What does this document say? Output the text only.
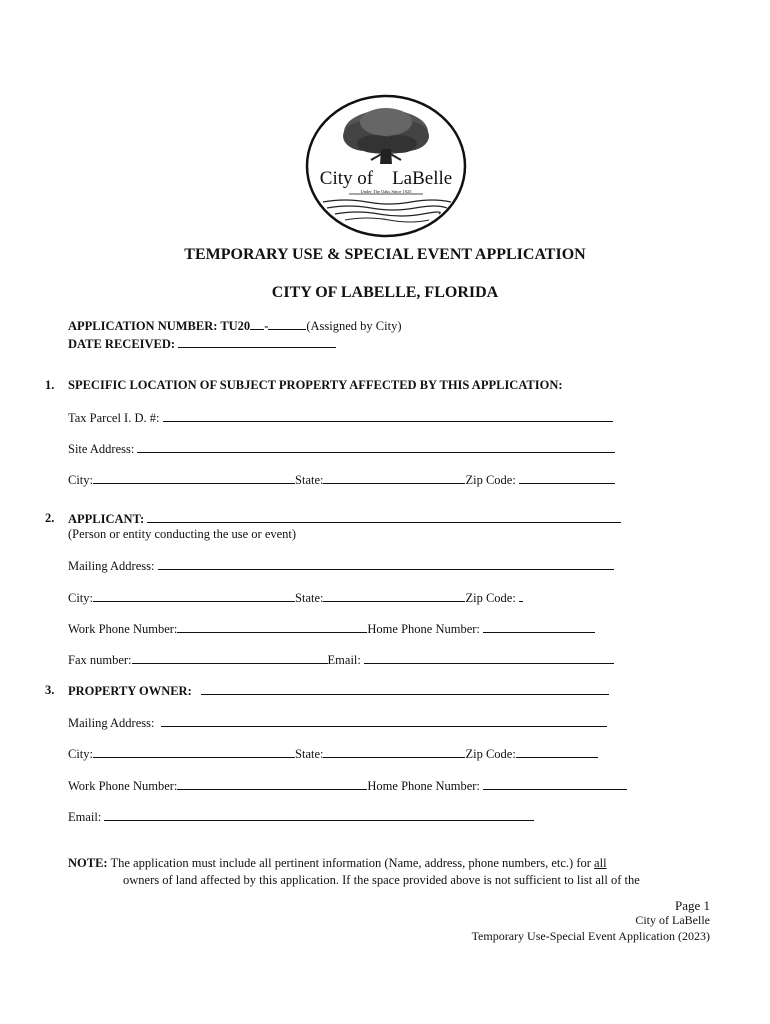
City of    LaBelle
Under The Oaks Since 1925
TEMPORARY USE & SPECIAL EVENT APPLICATION
CITY OF LABELLE, FLORIDA
APPLICATION NUMBER: TU20 -	(Assigned by City)
DATE RECEIVED:
1. SPECIFIC LOCATION OF SUBJECT PROPERTY AFFECTED BY THIS APPLICATION:
Tax Parcel I. D. #:
Site Address:
City:	State:	Zip Code:
2. APPLICANT:
(Person or entity conducting the use or event)
Mailing Address:
City:	State:	Zip Code:
Work Phone Number:	Home Phone Number:
Fax number:	Email:
3. PROPERTY OWNER:
Mailing Address:
City:	State:	Zip Code:
Work Phone Number:	Home Phone Number:
Email:
NOTE: The application must include all pertinent information (Name, address, phone numbers, etc.) for all
owners of land affected by this application. If the space provided above is not sufficient to list all of the
Page 1
City of LaBelle
Temporary Use-Special Event Application (2023)
